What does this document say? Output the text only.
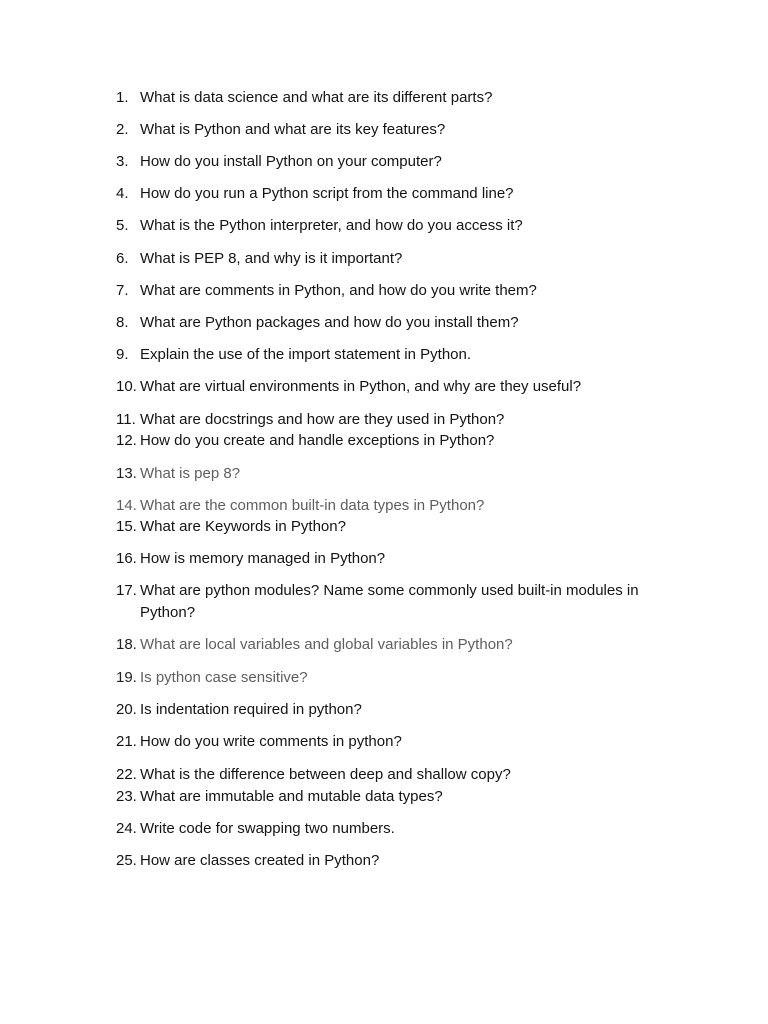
1. What is data science and what are its different parts?
2. What is Python and what are its key features?
3. How do you install Python on your computer?
4. How do you run a Python script from the command line?
5. What is the Python interpreter, and how do you access it?
6. What is PEP 8, and why is it important?
7. What are comments in Python, and how do you write them?
8. What are Python packages and how do you install them?
9. Explain the use of the import statement in Python.
10. What are virtual environments in Python, and why are they useful?
11. What are docstrings and how are they used in Python?
12. How do you create and handle exceptions in Python?
13. What is pep 8?
14. What are the common built-in data types in Python?
15. What are Keywords in Python?
16. How is memory managed in Python?
17. What are python modules? Name some commonly used built-in modules in Python?
18. What are local variables and global variables in Python?
19. Is python case sensitive?
20. Is indentation required in python?
21. How do you write comments in python?
22. What is the difference between deep and shallow copy?
23. What are immutable and mutable data types?
24. Write code for swapping two numbers.
25. How are classes created in Python?
